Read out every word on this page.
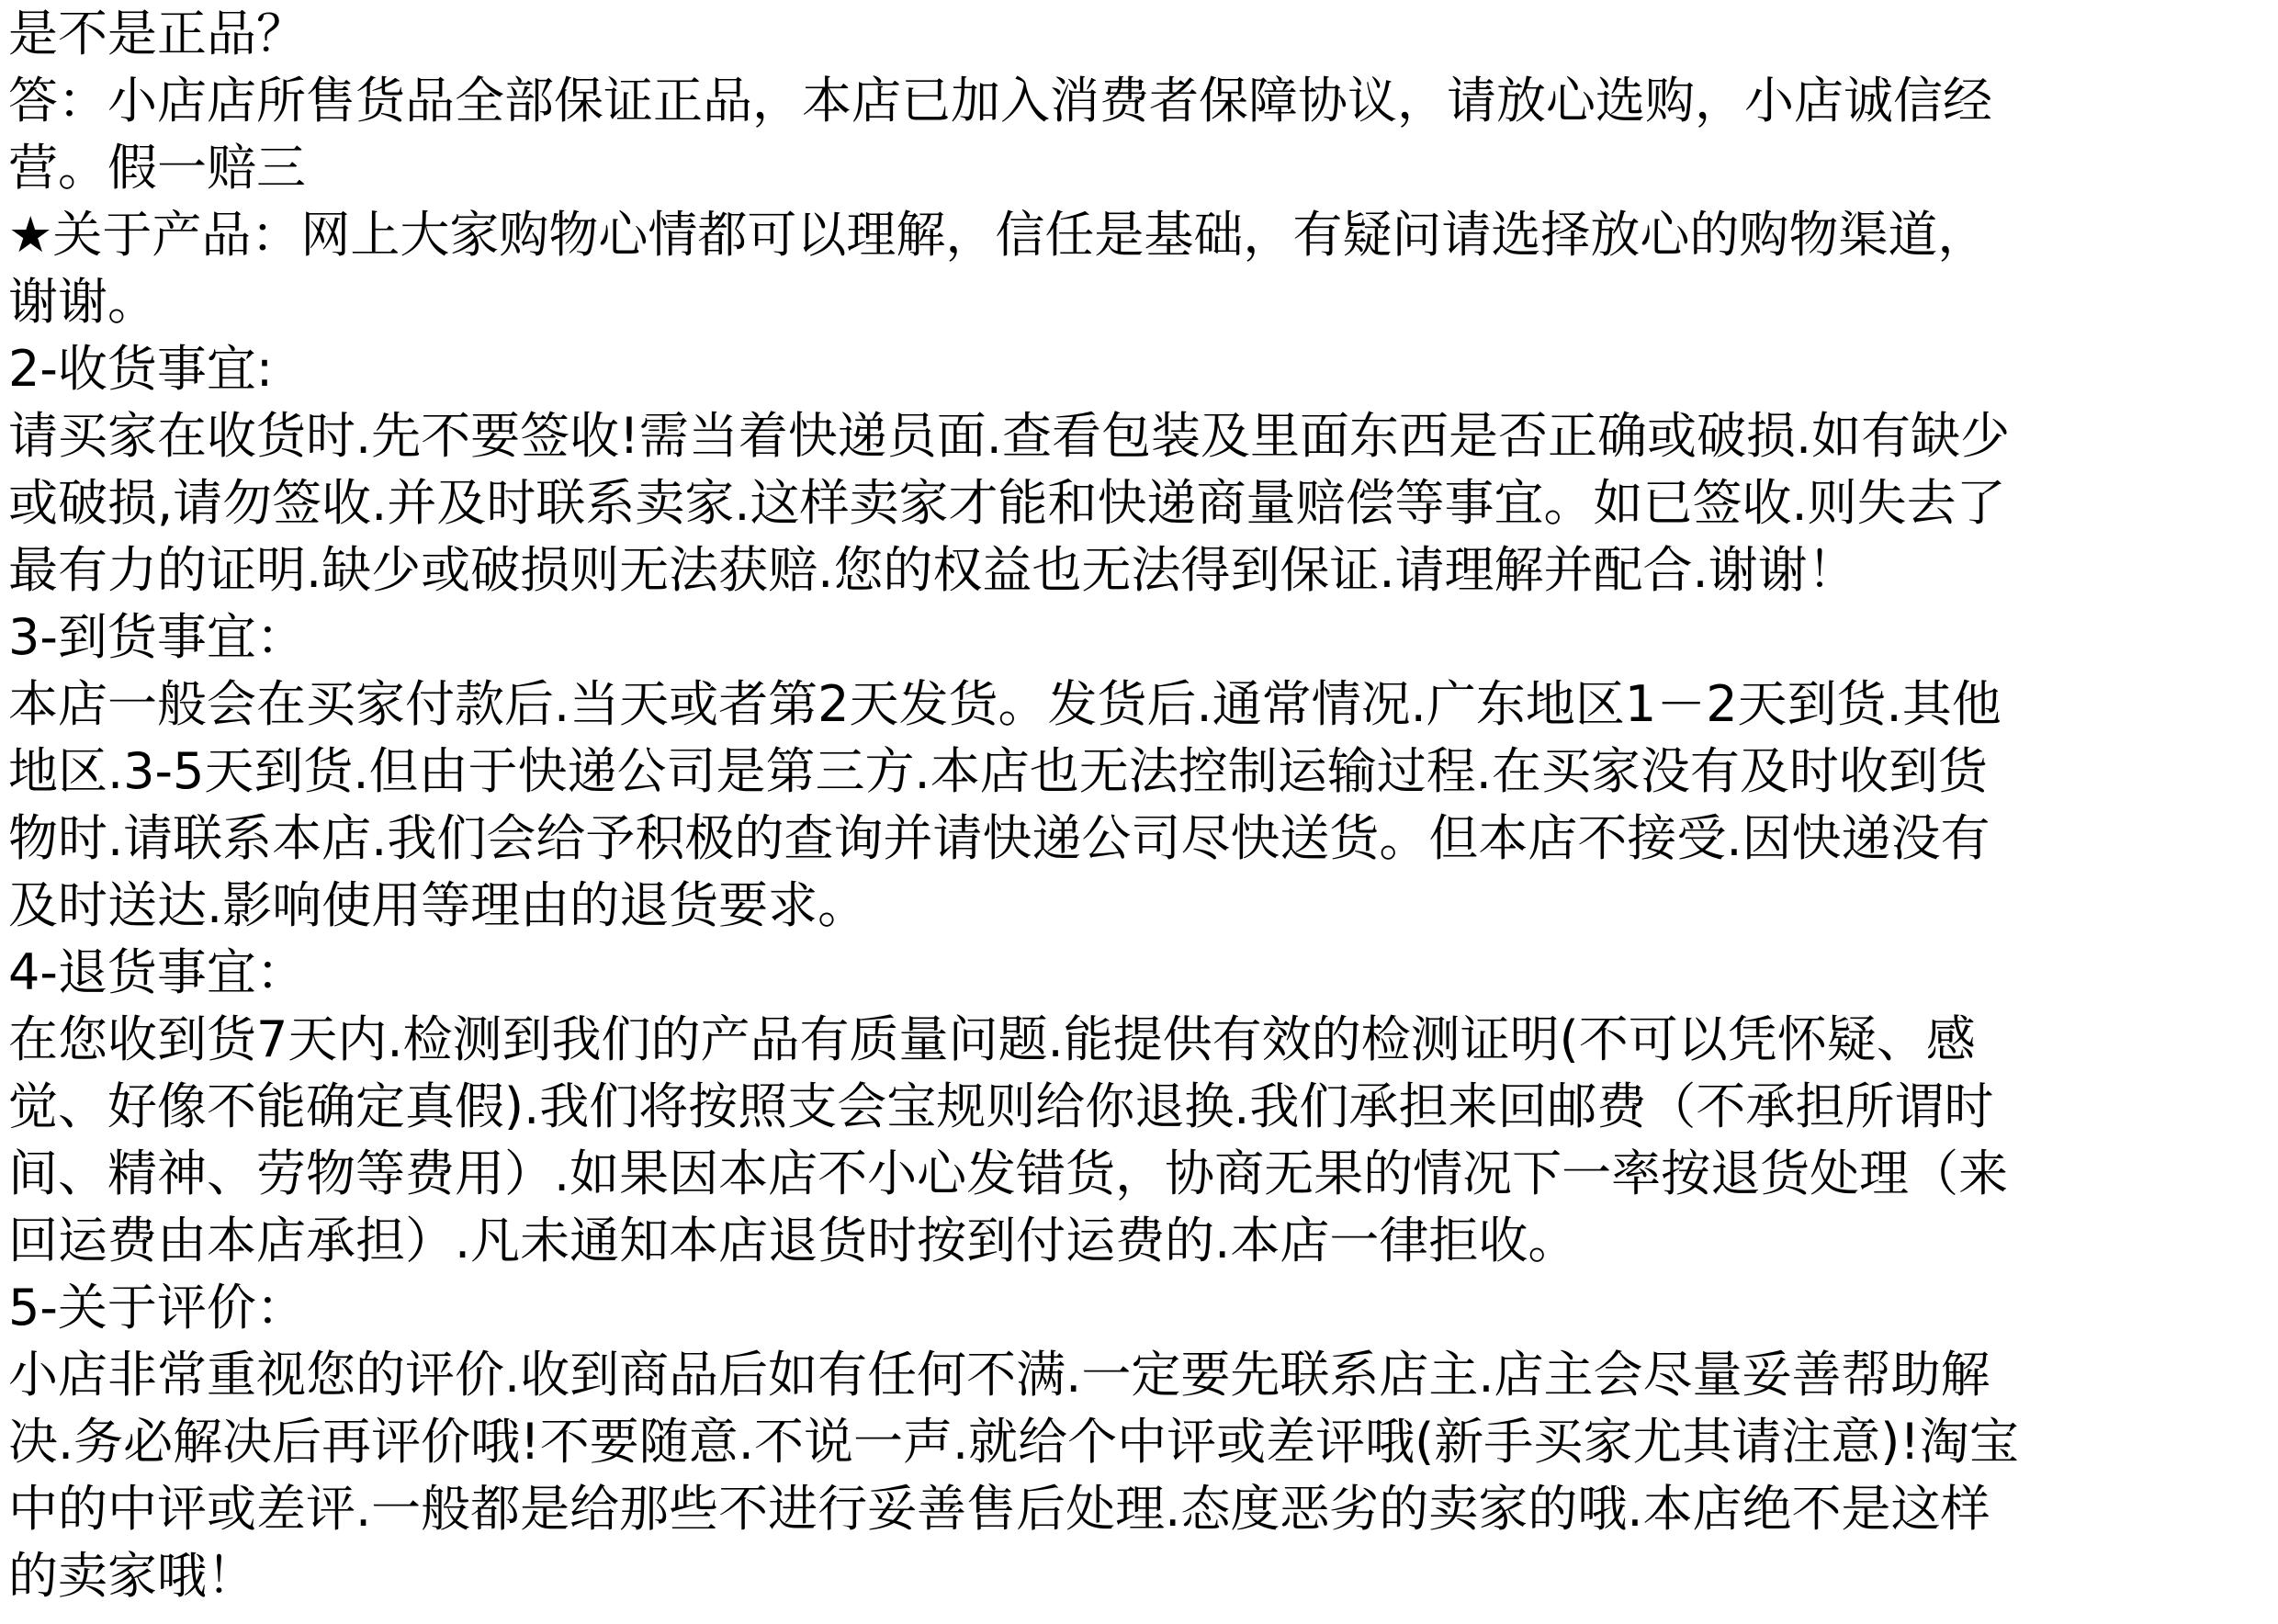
是不是正品？
答：小店店所售货品全部保证正品，本店已加入消费者保障协议，请放心选购，小店诚信经
营。假一赔三
★关于产品：网上大家购物心情都可以理解，信任是基础，有疑问请选择放心的购物渠道，
谢谢。
2-收货事宜:
请买家在收货时.先不要签收!需当着快递员面.查看包装及里面东西是否正确或破损.如有缺少
或破损,请勿签收.并及时联系卖家.这样卖家才能和快递商量赔偿等事宜。如已签收.则失去了
最有力的证明.缺少或破损则无法获赔.您的权益也无法得到保证.请理解并配合.谢谢！
3-到货事宜：
本店一般会在买家付款后.当天或者第2天发货。发货后.通常情况.广东地区1－2天到货.其他
地区.3-5天到货.但由于快递公司是第三方.本店也无法控制运输过程.在买家没有及时收到货
物时.请联系本店.我们会给予积极的查询并请快递公司尽快送货。但本店不接受.因快递没有
及时送达.影响使用等理由的退货要求。
4-退货事宜：
在您收到货7天内.检测到我们的产品有质量问题.能提供有效的检测证明(不可以凭怀疑、感
觉、好像不能确定真假).我们将按照支会宝规则给你退换.我们承担来回邮费（不承担所谓时
间、精神、劳物等费用）.如果因本店不小心发错货，协商无果的情况下一率按退货处理（来
回运费由本店承担）.凡未通知本店退货时按到付运费的.本店一律拒收。
5-关于评价：
小店非常重视您的评价.收到商品后如有任何不满.一定要先联系店主.店主会尽量妥善帮助解
决.务必解决后再评价哦!不要随意.不说一声.就给个中评或差评哦(新手买家尤其请注意)!淘宝
中的中评或差评.一般都是给那些不进行妥善售后处理.态度恶劣的卖家的哦.本店绝不是这样
的卖家哦！
